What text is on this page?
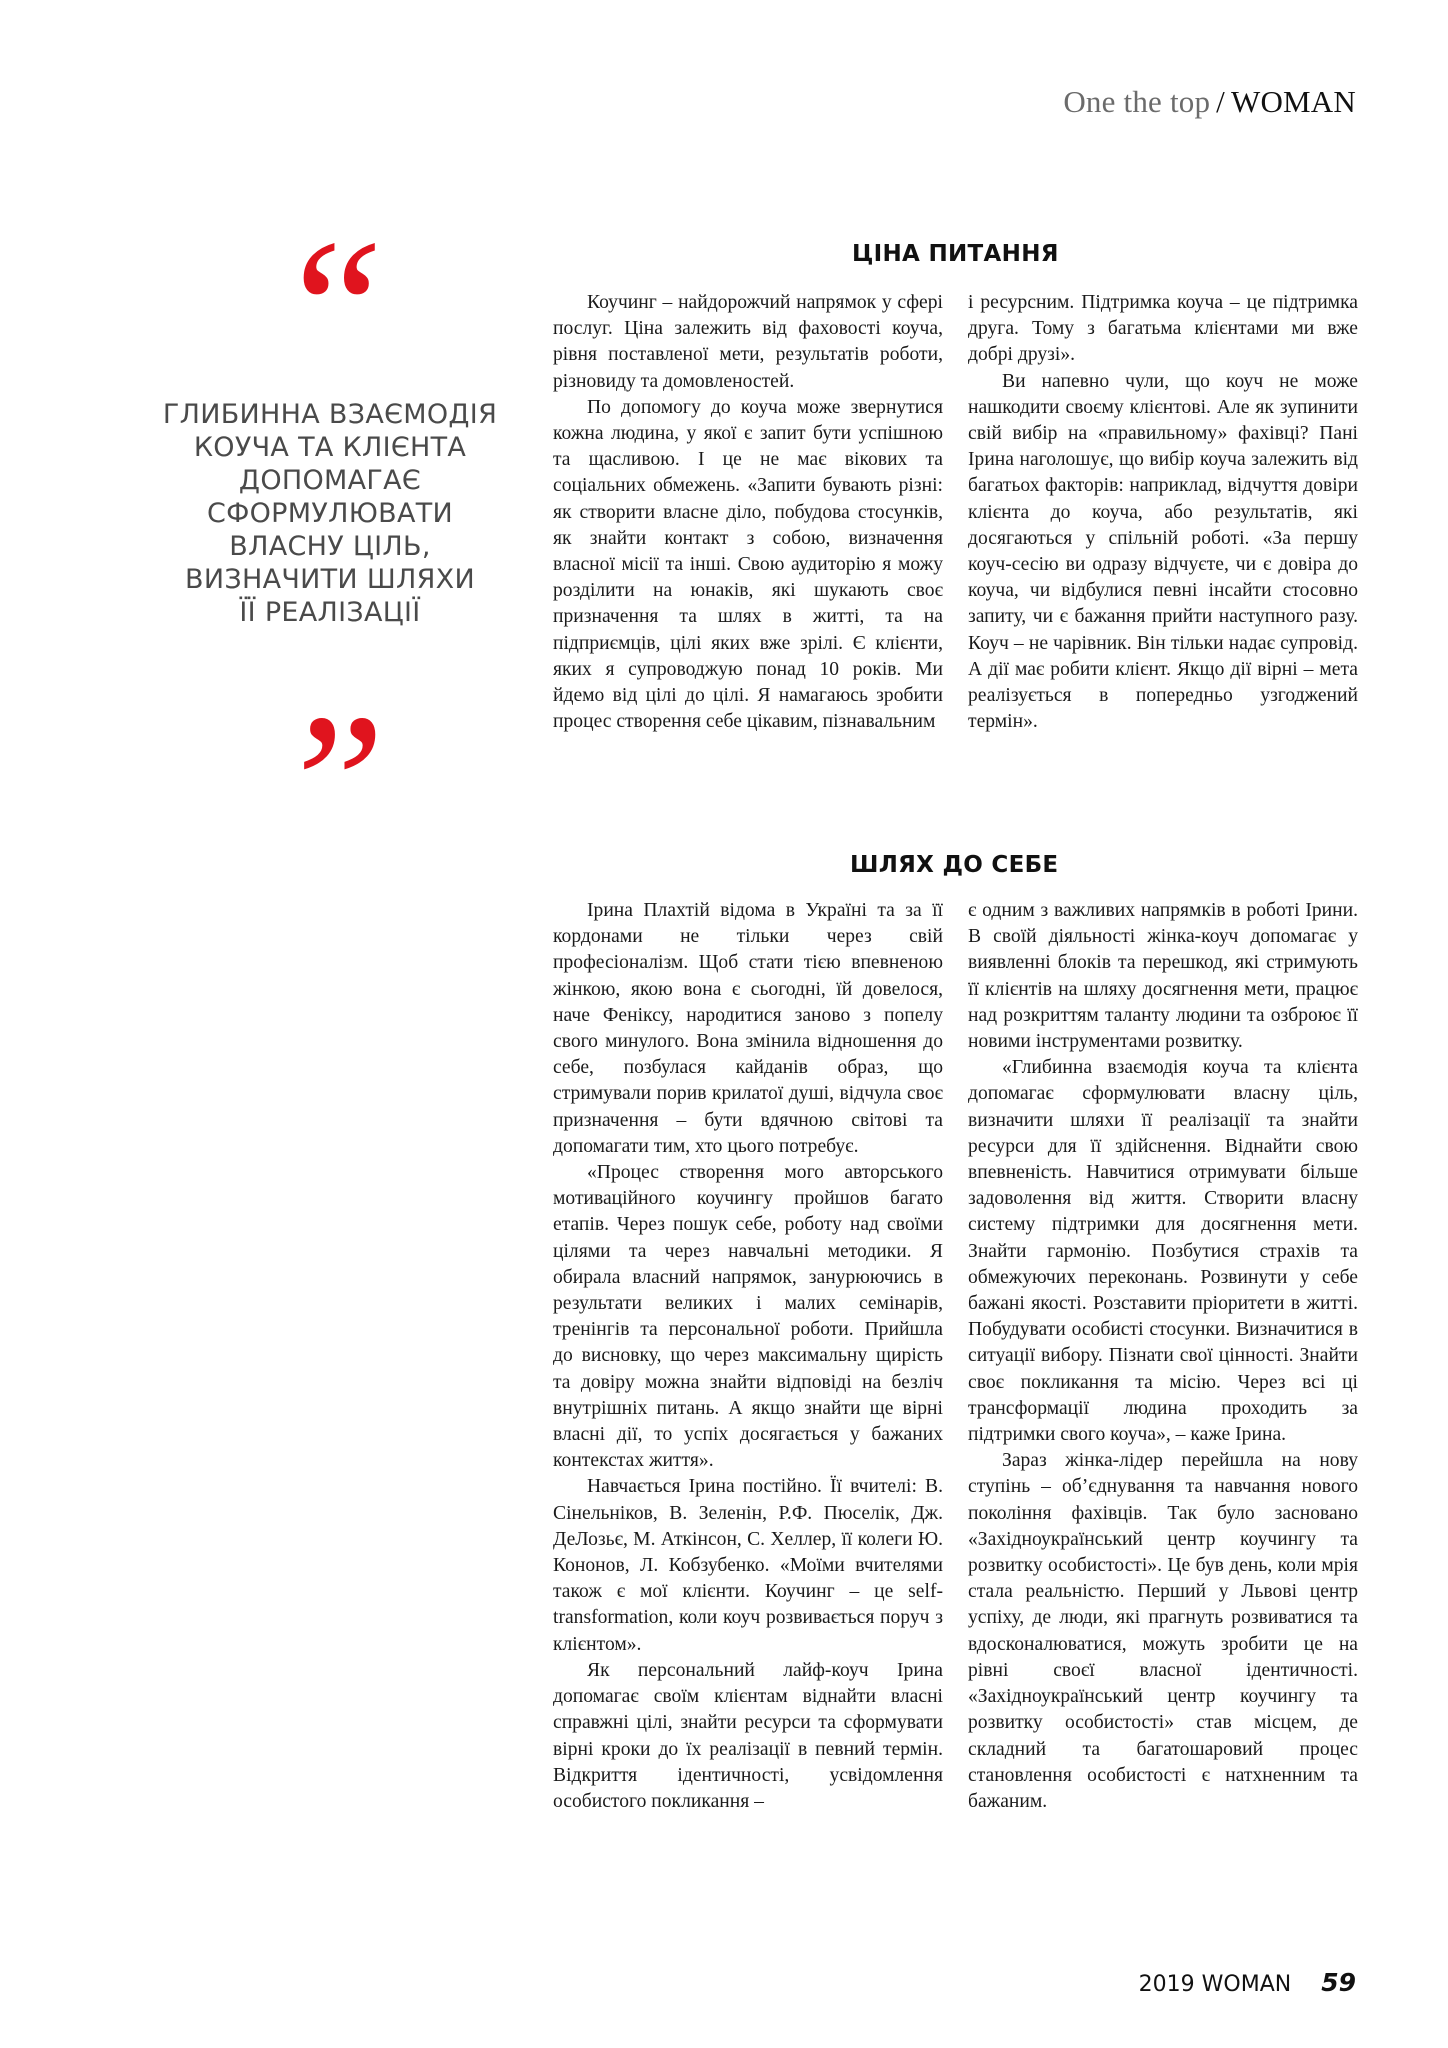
One the top / WOMAN
“
ГЛИБИННА ВЗАЄМОДІЯ
КОУЧА ТА КЛІЄНТА
ДОПОМАГАЄ
СФОРМУЛЮВАТИ
ВЛАСНУ ЦІЛЬ,
ВИЗНАЧИТИ ШЛЯХИ
ЇЇ РЕАЛІЗАЦІЇ
”
ЦІНА ПИТАННЯ

Коучинг – найдорожчий напрямок у сфері послуг. Ціна залежить від фаховості коуча, рівня поставленої мети, результатів роботи, різновиду та домовленостей.

По допомогу до коуча може звернутися кожна людина, у якої є запит бути успішною та щасливою. І це не має вікових та соціальних обмежень. «Запити бувають різні: як створити власне діло, побудова стосунків, як знайти контакт з собою, визначення власної місії та інші. Свою аудиторію я можу розділити на юнаків, які шукають своє призначення та шлях в житті, та на підприємців, цілі яких вже зрілі. Є клієнти, яких я супроводжую понад 10 років. Ми йдемо від цілі до цілі. Я намагаюсь зробити процес створення себе цікавим, пізнавальним

і ресурсним. Підтримка коуча – це підтримка друга. Тому з багатьма клієнтами ми вже добрі друзі».

Ви напевно чули, що коуч не може нашкодити своєму клієнтові. Але як зупинити свій вибір на «правильному» фахівці? Пані Ірина наголошує, що вибір коуча залежить від багатьох факторів: наприклад, відчуття довіри клієнта до коуча, або результатів, які досягаються у спільній роботі. «За першу коуч-сесію ви одразу відчуєте, чи є довіра до коуча, чи відбулися певні інсайти стосовно запиту, чи є бажання прийти наступного разу. Коуч – не чарівник. Він тільки надає супровід. А дії має робити клієнт. Якщо дії вірні – мета реалізується в попередньо узгоджений термін».

ШЛЯХ ДО СЕБЕ

Ірина Плахтій відома в Україні та за її кордонами не тільки через свій професіоналізм. Щоб стати тією впевненою жінкою, якою вона є сьогодні, їй довелося, наче Феніксу, народитися заново з попелу свого минулого. Вона змінила відношення до себе, позбулася кайданів образ, що стримували порив крилатої душі, відчула своє призначення – бути вдячною світові та допомагати тим, хто цього потребує.

«Процес створення мого авторського мотиваційного коучингу пройшов багато етапів. Через пошук себе, роботу над своїми цілями та через навчальні методики. Я обирала власний напрямок, занурюючись в результати великих і малих семінарів, тренінгів та персональної роботи. Прийшла до висновку, що через максимальну щирість та довіру можна знайти відповіді на безліч внутрішніх питань. А якщо знайти ще вірні власні дії, то успіх досягається у бажаних контекстах життя».

Навчається Ірина постійно. Її вчителі: В. Сінельніков, В. Зеленін, Р.Ф. Пюселік, Дж. ДеЛозьє, М. Аткінсон, С. Хеллер, її колеги Ю. Кононов, Л. Кобзубенко. «Моїми вчителями також є мої клієнти. Коучинг – це self-transformation, коли коуч розвивається поруч з клієнтом».

Як персональний лайф-коуч Ірина допомагає своїм клієнтам віднайти власні справжні цілі, знайти ресурси та сформувати вірні кроки до їх реалізації в певний термін. Відкриття ідентичності, усвідомлення особистого покликання –

є одним з важливих напрямків в роботі Ірини. В своїй діяльності жінка-коуч допомагає у виявленні блоків та перешкод, які стримують її клієнтів на шляху досягнення мети, працює над розкриттям таланту людини та озброює її новими інструментами розвитку.

«Глибинна взаємодія коуча та клієнта допомагає сформулювати власну ціль, визначити шляхи її реалізації та знайти ресурси для її здійснення. Віднайти свою впевненість. Навчитися отримувати більше задоволення від життя. Створити власну систему підтримки для досягнення мети. Знайти гармонію. Позбутися страхів та обмежуючих переконань. Розвинути у себе бажані якості. Розставити пріоритети в житті. Побудувати особисті стосунки. Визначитися в ситуації вибору. Пізнати свої цінності. Знайти своє покликання та місію. Через всі ці трансформації людина проходить за підтримки свого коуча», – каже Ірина.

Зараз жінка-лідер перейшла на нову ступінь – об’єднування та навчання нового покоління фахівців. Так було засновано «Західноукраїнський центр коучингу та розвитку особистості». Це був день, коли мрія стала реальністю. Перший у Львові центр успіху, де люди, які прагнуть розвиватися та вдосконалюватися, можуть зробити це на рівні своєї власної ідентичності. «Західноукраїнський центр коучингу та розвитку особистості» став місцем, де складний та багатошаровий процес становлення особистості є натхненним та бажаним.

2019 WOMAN 59
